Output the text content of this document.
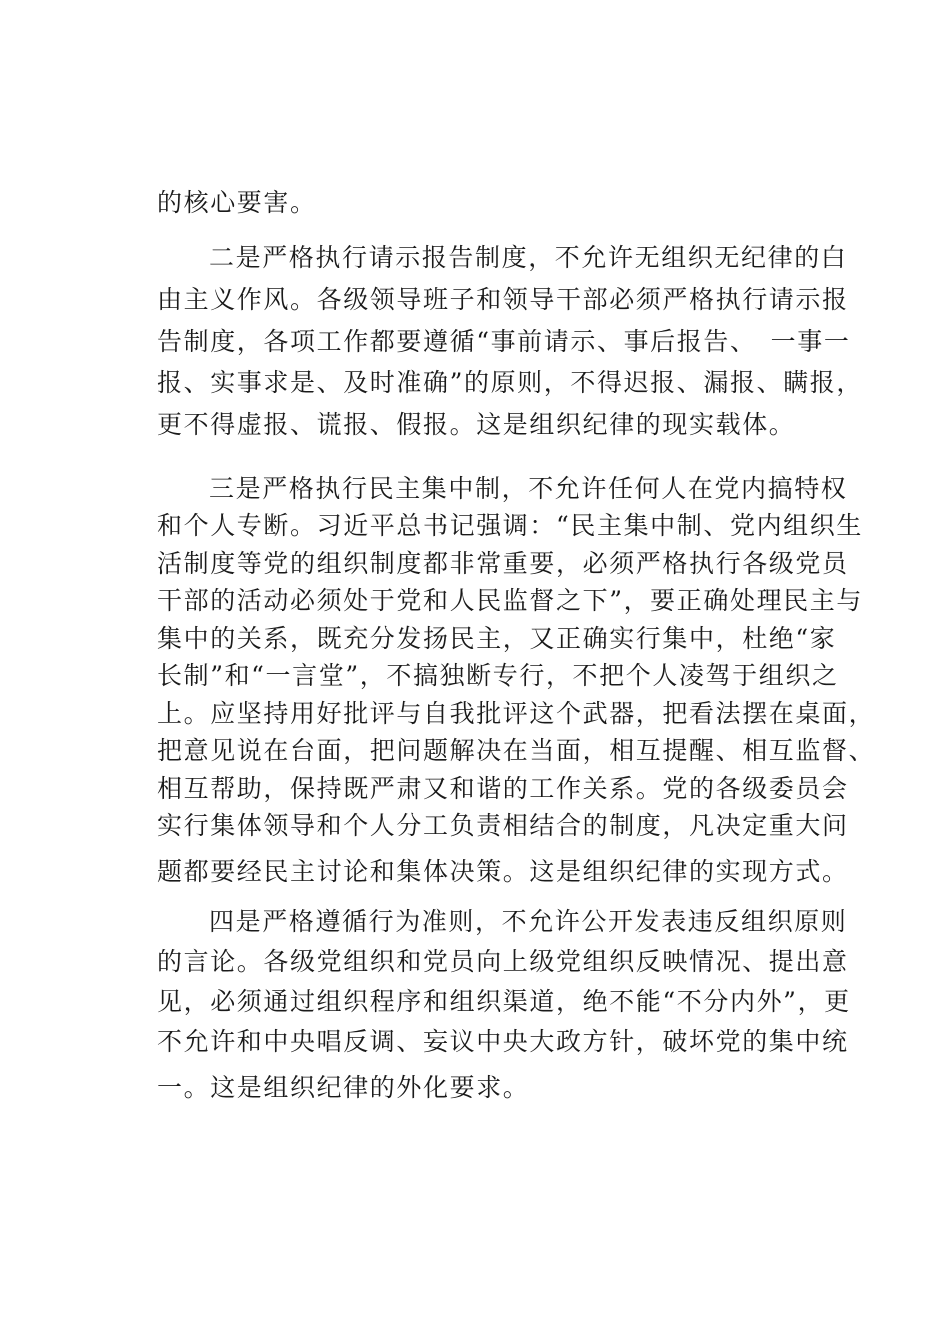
的核心要害。
二是严格执行请示报告制度，不允许无组织无纪律的白
由主义作风。各级领导班子和领导干部必须严格执行请示报
告制度，各项工作都要遵循“事前请示、事后报告、　一事一
报、实事求是、及时准确”的原则，不得迟报、漏报、瞒报，
更不得虚报、谎报、假报。这是组织纪律的现实载体。
三是严格执行民主集中制，不允许任何人在党内搞特权
和个人专断。习近平总书记强调：“民主集中制、党内组织生
活制度等党的组织制度都非常重要，必须严格执行各级党员
干部的活动必须处于党和人民监督之下”，要正确处理民主与
集中的关系，既充分发扬民主，又正确实行集中，杜绝“家
长制”和“一言堂”，不搞独断专行，不把个人凌驾于组织之
上。应坚持用好批评与自我批评这个武器，把看法摆在桌面，
把意见说在台面，把问题解决在当面，相互提醒、相互监督、
相互帮助，保持既严肃又和谐的工作关系。党的各级委员会
实行集体领导和个人分工负责相结合的制度，凡决定重大问
题都要经民主讨论和集体决策。这是组织纪律的实现方式。
四是严格遵循行为准则，不允许公开发表违反组织原则
的言论。各级党组织和党员向上级党组织反映情况、提出意
见，必须通过组织程序和组织渠道，绝不能“不分内外”，更
不允许和中央唱反调、妄议中央大政方针，破坏党的集中统
一。这是组织纪律的外化要求。
